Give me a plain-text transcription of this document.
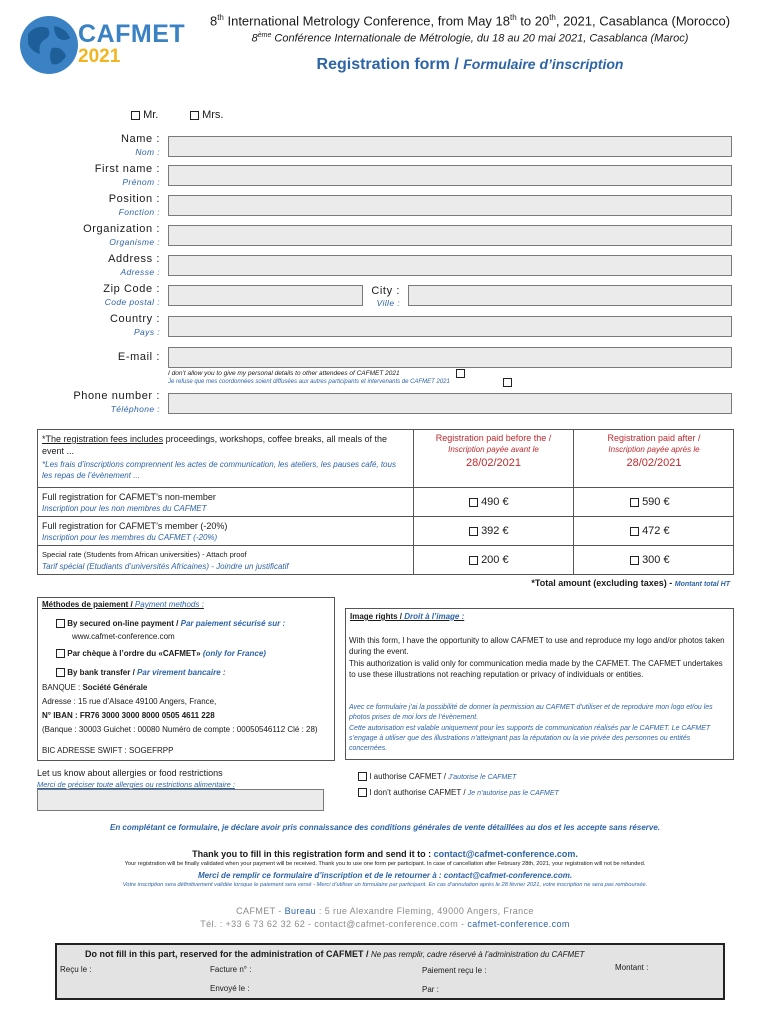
CAFMET
2021
8th International Metrology Conference, from May 18th to 20th, 2021, Casablanca (Morocco)
8ème Conférence Internationale de Métrologie, du 18 au 20 mai 2021, Casablanca (Maroc)
Registration form / Formulaire d’inscription
Mr.	Mrs.
Name :
Nom :
First name :
Prénom :
Position :
Fonction :
Organization :
Organisme :
Address :
Adresse :
Zip Code :
Code postal :
City :
Ville :
Country :
Pays :
E-mail :
I don’t allow you to give my personal details to other attendees of CAFMET 2021
Je refuse que mes coordonnées soient diffusées aux autres participants et intervenants de CAFMET 2021
Phone number :
Téléphone :
*The registration fees includes proceedings, workshops, coffee breaks, all meals of the event ...
*Les frais d’inscriptions comprennent les actes de communication, les ateliers, les pauses café, tous les repas de l’évènement ...
Registration paid before the /
Inscription payée avant le
28/02/2021
Registration paid after /
Inscription payée après le
28/02/2021
Full registration for CAFMET’s non-member
Inscription pour les non membres du CAFMET
490 €	590 €
Full registration for CAFMET’s member (-20%)
Inscription pour les membres du CAFMET (-20%)
392 €	472 €
Special rate (Students from African universities) - Attach proof
Tarif spécial (Etudiants d’universités Africaines) - Joindre un justificatif
200 €	300 €
*Total amount (excluding taxes) - Montant total HT
Méthodes de paiement / Payment methods :
By secured on-line payment / Par paiement sécurisé sur :
www.cafmet-conference.com
Par chèque à l’ordre du «CAFMET» (only for France)
By bank transfer / Par virement bancaire :
BANQUE : Société Générale
Adresse : 15 rue d’Alsace 49100 Angers, France,
N° IBAN : FR76 3000 3000 8000 0505 4611 228
(Banque : 30003 Guichet : 00080 Numéro de compte : 00050546112 Clé : 28)
BIC ADRESSE SWIFT : SOGEFRPP
Image rights / Droit à l’image :
With this form, I have the opportunity to allow CAFMET to use and reproduce my logo and/or photos taken during the event.
This authorization is valid only for communication media made by the CAFMET. The CAFMET undertakes to use these illustrations not reaching reputation or privacy of individuals or entities.
Avec ce formulaire j’ai la possibilité de donner la permission au CAFMET d’utiliser et de reproduire mon logo et/ou les photos prises de moi lors de l’évènement.
Cette autorisation est valable uniquement pour les supports de communication réalisés par le CAFMET. Le CAFMET s’engage à utiliser que des illustrations n’atteignant pas la réputation ou la vie privée des personnes ou entités concernées.
I authorise CAFMET / J’autorise le CAFMET
I don’t authorise CAFMET / Je n’autorise pas le CAFMET
Let us know about allergies or food restrictions
Merci de préciser toute allergies ou restrictions alimentaire :
En complétant ce formulaire, je déclare avoir pris connaissance des conditions générales de vente détaillées au dos et les accepte sans réserve.
Thank you to fill in this registration form and send it to : contact@cafmet-conference.com.
Your registration will be finally validated when your payment will be received. Thank you to use one form per participant. In case of cancellation after February 28th, 2021, your registration will not be refunded.
Merci de remplir ce formulaire d’inscription et de le retourner à : contact@cafmet-conference.com.
Votre inscription sera définitivement validée lorsque le paiement sera versé - Merci d’utiliser un formulaire par participant. En cas d’annulation après le 28 février 2021, votre inscription ne sera pas remboursée.
CAFMET - Bureau : 5 rue Alexandre Fleming, 49000 Angers, France
Tél. : +33 6 73 62 32 62 - contact@cafmet-conference.com - cafmet-conference.com
Do not fill in this part, reserved for the administration of CAFMET / Ne pas remplir, cadre réservé à l’administration du CAFMET
Reçu le :	Facture n° :	Paiement reçu le :	Montant :
Envoyé le :	Par :
